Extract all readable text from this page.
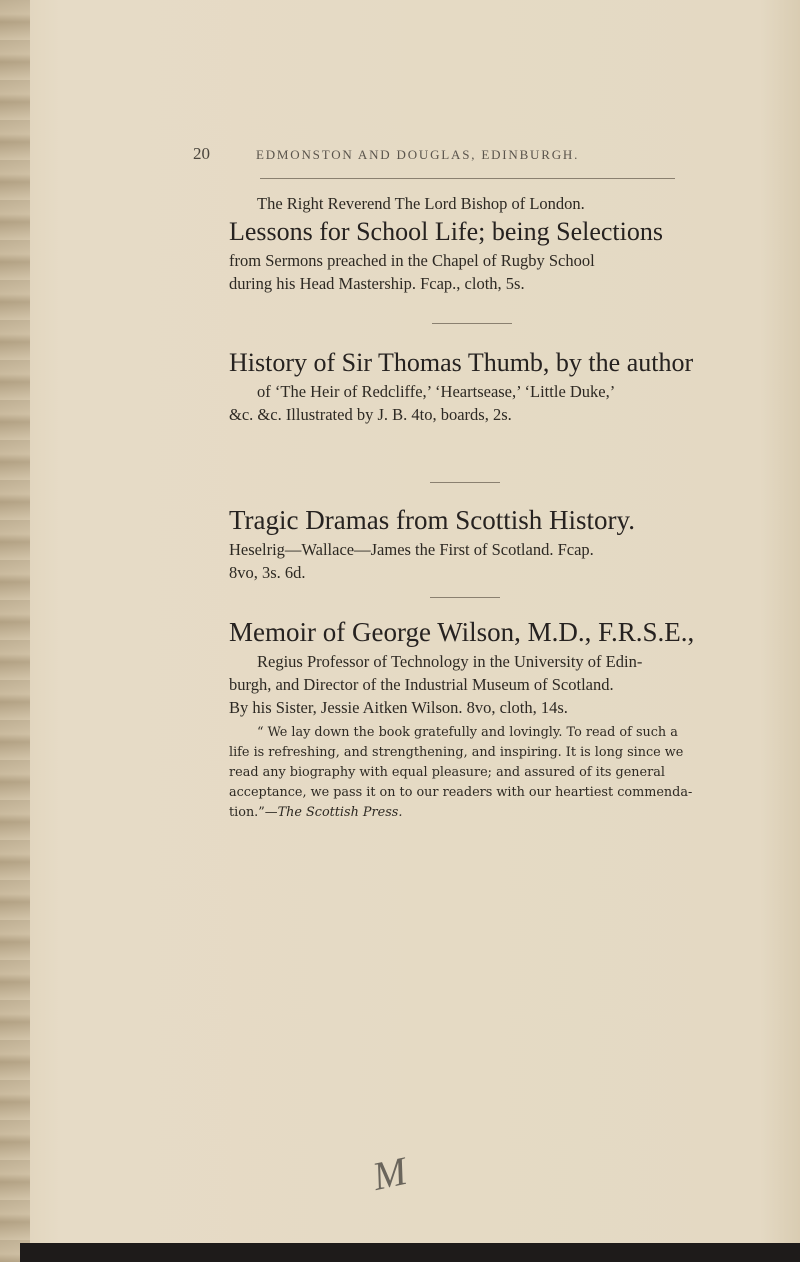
20	EDMONSTON AND DOUGLAS, EDINBURGH.
The Right Reverend The Lord Bishop of London.
Lessons for School Life; being Selections
from Sermons preached in the Chapel of Rugby School
during his Head Mastership. Fcap., cloth, 5s.
History of Sir Thomas Thumb, by the author
of ‘The Heir of Redcliffe,’ ‘Heartsease,’ ‘Little Duke,’
&c. &c. Illustrated by J. B. 4to, boards, 2s.
Tragic Dramas from Scottish History.
Heselrig—Wallace—James the First of Scotland. Fcap.
8vo, 3s. 6d.
Memoir of George Wilson, M.D., F.R.S.E.,
Regius Professor of Technology in the University of Edin-
burgh, and Director of the Industrial Museum of Scotland.
By his Sister, Jessie Aitken Wilson. 8vo, cloth, 14s.
“ We lay down the book gratefully and lovingly. To read of such a
life is refreshing, and strengthening, and inspiring. It is long since we
read any biography with equal pleasure; and assured of its general
acceptance, we pass it on to our readers with our heartiest commenda-
tion.”—The Scottish Press.
M
